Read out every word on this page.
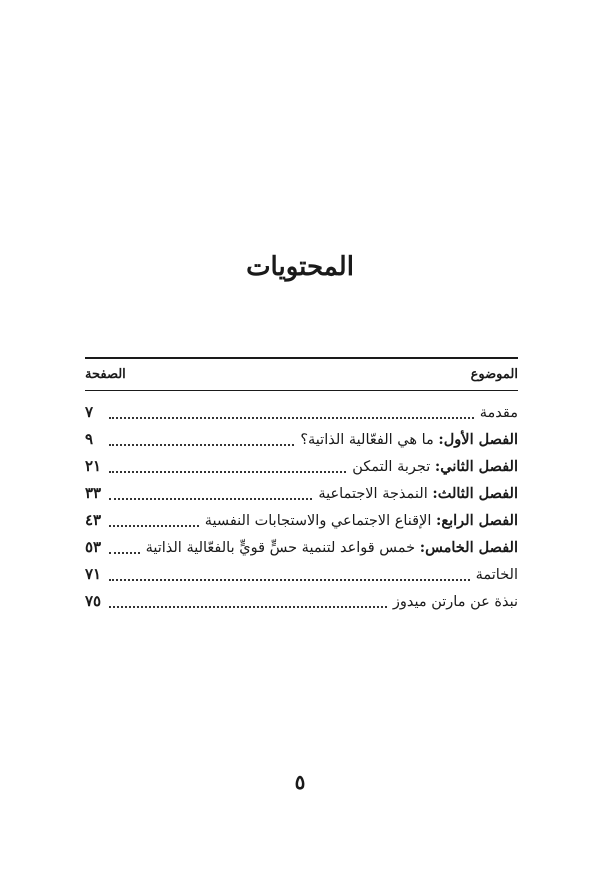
المحتويات
الموضوع
الصفحة
مقدمة
٧
الفصل الأول: ما هي الفعّالية الذاتية؟
٩
الفصل الثاني: تجربة التمكن
٢١
الفصل الثالث: النمذجة الاجتماعية
٣٣
الفصل الرابع: الإقناع الاجتماعي والاستجابات النفسية
٤٣
الفصل الخامس: خمس قواعد لتنمية حسٍّ قويٍّ بالفعّالية الذاتية
٥٣
الخاتمة
٧١
نبذة عن مارتن ميدوز
٧٥
٥
